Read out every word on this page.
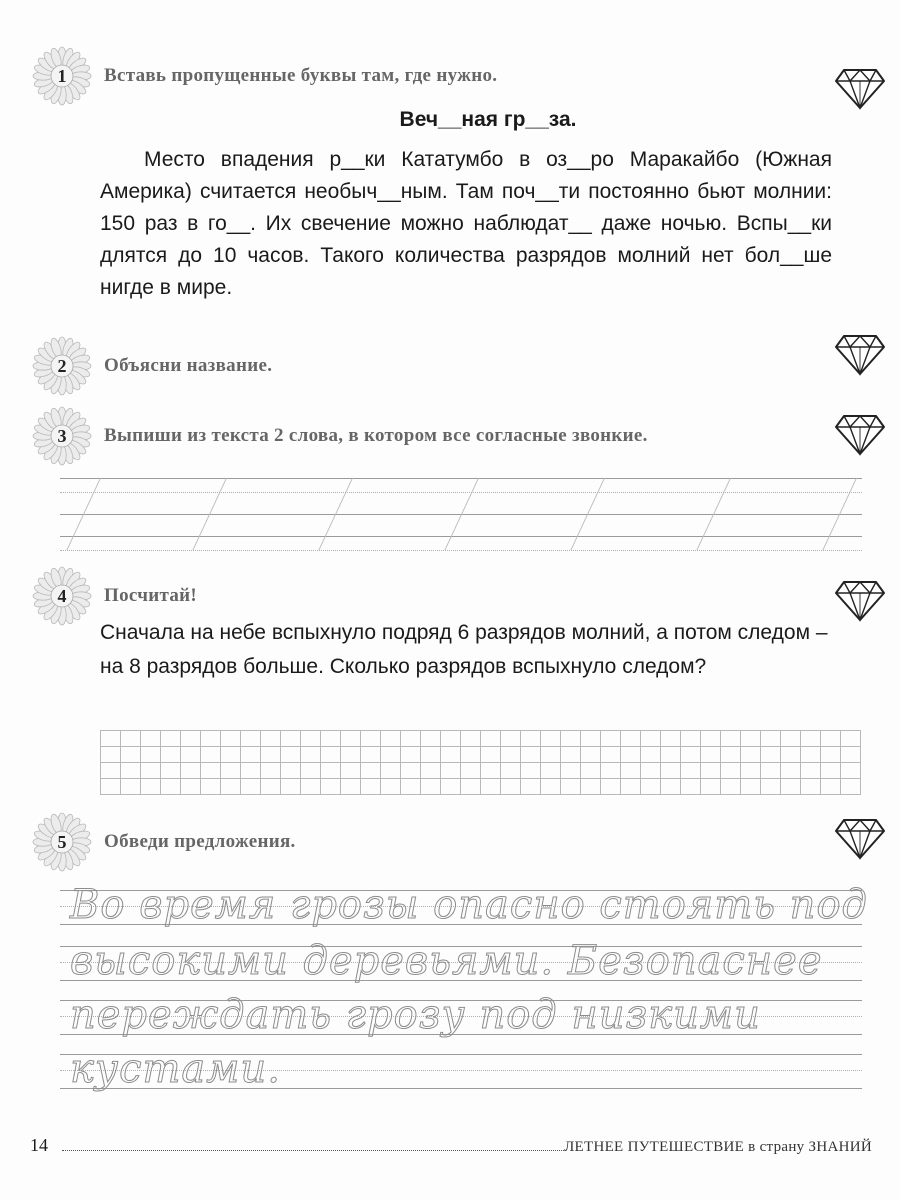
1	Вставь пропущенные буквы там, где нужно.
Веч__ная гр__за.

Место впадения р__ки Кататумбо в оз__ро Маракайбо (Южная Америка) считается необыч__ным. Там поч__ти постоянно бьют молнии: 150 раз в го__. Их свечение можно наблюдат__ даже ночью. Вспы__ки длятся до 10 часов. Такого количества разрядов молний нет бол__ше нигде в мире.

2	Объясни название.
3	Выпиши из текста 2 слова, в котором все согласные звонкие.
4	Посчитай!

Сначала на небе вспыхнуло подряд 6 разрядов молний, а потом следом – на 8 разрядов больше. Сколько разрядов вспыхнуло следом?

5	Обведи предложения.
Во время грозы опасно стоять под
высокими деревьями. Безопаснее
переждать грозу под низкими
кустами.
14	ЛЕТНЕЕ ПУТЕШЕСТВИЕ в страну ЗНАНИЙ
